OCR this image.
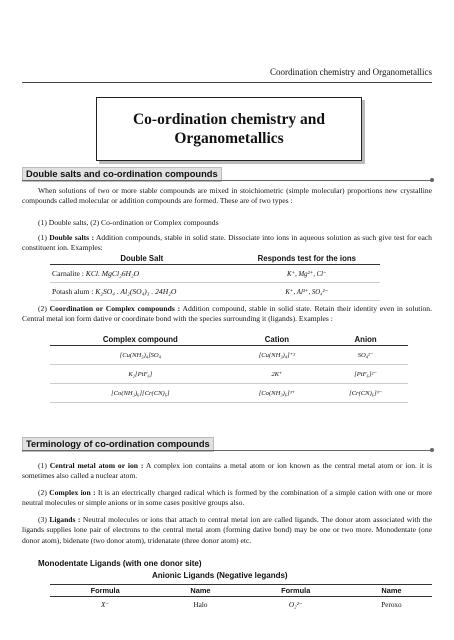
Coordination chemistry and Organometallics
Co-ordination chemistry and
Organometallics
Double salts and co-ordination compounds
When solutions of two or more stable compounds are mixed in stoichiometric (simple molecular) proportions new crystalline compounds called molecular or addition compounds are formed. These are of two types :
(1) Double salts, (2) Co-ordination or Complex compounds
(1) Double salts : Addition compounds, stable in solid state. Dissociate into ions in aqueous solution as such give test for each constituent ion. Examples:
Double Salt	Responds test for the ions
Carnalite : KCl. MgCl₂6H₂O	K⁺, Mg²⁺, Cl⁻
Potash alum : K₂SO₄ . Al₂(SO₄)₃ . 24H₂O	K⁺, Al³⁺, SO₄²⁻
(2) Coordination or Complex compounds : Addition compound, stable in solid state. Retain their identity even in solution. Central metal ion form dative or coordinate bond with the species surrounding it (ligands). Examples :
Complex compound	Cation	Anion
[Cu(NH₃)₄]SO₄	[Cu(NH₃)₄]⁺²	SO₄²⁻
K₂[PtF₆]	2K⁺	[PtF₆]²⁻
[Co(NH₃)₆][Cr(CN)₆]	[Co(NH₃)₆]³⁺	[Cr(CN)₆]³⁻
Terminology of co-ordination compounds
(1) Central metal atom or ion : A complex ion contains a metal atom or ion known as the central metal atom or ion. it is sometimes also called a nuclear atom.
(2) Complex ion : It is an electrically charged radical which is formed by the combination of a simple cation with one or more neutral molecules or simple anions or in some cases positive groups also.
(3) Ligands : Neutral molecules or ions that attach to central metal ion are called ligands. The donor atom associated with the ligands supplies lone pair of electrons to the central metal atom (forming dative bond) may be one or two more. Monodentate (one donor atom), bidenate (two donor atom), tridenatate (three donor atom) etc.
Monodentate Ligands (with one donor site)
Anionic Ligands (Negative legands)
Formula	Name	Formula	Name
X⁻	Halo	O₂²⁻	Peroxo
